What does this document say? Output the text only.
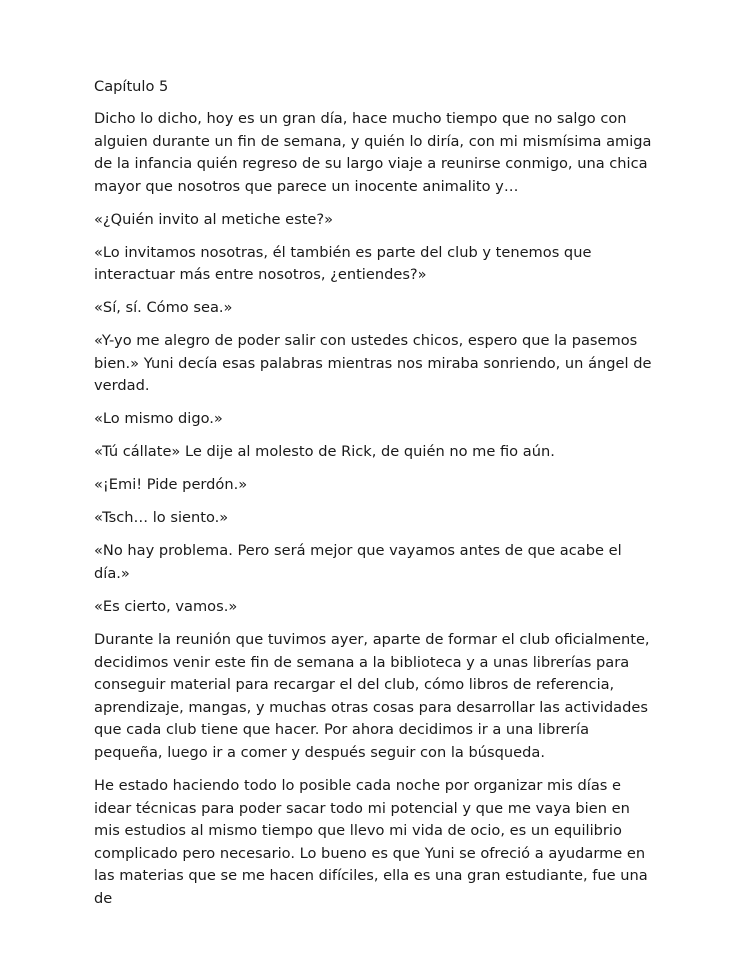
Capítulo 5

Dicho lo dicho, hoy es un gran día, hace mucho tiempo que no salgo con alguien durante un fin de semana, y quién lo diría, con mi mismísima amiga de la infancia quién regreso de su largo viaje a reunirse conmigo, una chica mayor que nosotros que parece un inocente animalito y…

«¿Quién invito al metiche este?»

«Lo invitamos nosotras, él también es parte del club y tenemos que interactuar más entre nosotros, ¿entiendes?»

«Sí, sí. Cómo sea.»

«Y-yo me alegro de poder salir con ustedes chicos, espero que la pasemos bien.» Yuni decía esas palabras mientras nos miraba sonriendo, un ángel de verdad.

«Lo mismo digo.»

«Tú cállate» Le dije al molesto de Rick, de quién no me fio aún.

«¡Emi! Pide perdón.»

«Tsch… lo siento.»

«No hay problema. Pero será mejor que vayamos antes de que acabe el día.»

«Es cierto, vamos.»

Durante la reunión que tuvimos ayer, aparte de formar el club oficialmente, decidimos venir este fin de semana a la biblioteca y a unas librerías para conseguir material para recargar el del club, cómo libros de referencia, aprendizaje, mangas, y muchas otras cosas para desarrollar las actividades que cada club tiene que hacer. Por ahora decidimos ir a una librería pequeña, luego ir a comer y después seguir con la búsqueda.

He estado haciendo todo lo posible cada noche por organizar mis días e idear técnicas para poder sacar todo mi potencial y que me vaya bien en mis estudios al mismo tiempo que llevo mi vida de ocio, es un equilibrio complicado pero necesario. Lo bueno es que Yuni se ofreció a ayudarme en las materias que se me hacen difíciles, ella es una gran estudiante, fue una de
